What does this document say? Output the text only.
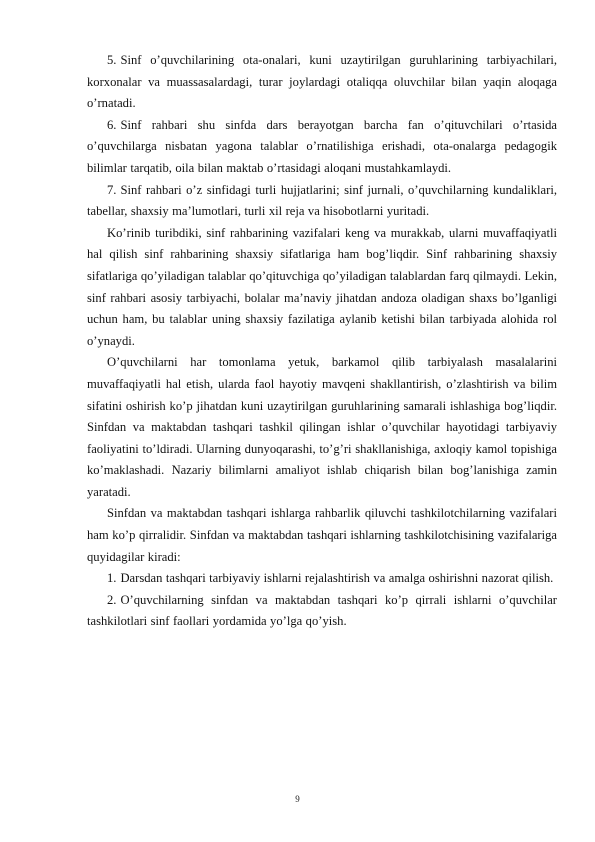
5. Sinf o’quvchilarining ota-onalari, kuni uzaytirilgan guruhlarining tarbiyachilari, korxonalar va muassasalardagi, turar joylardagi otaliqqa oluvchilar bilan yaqin aloqaga o’rnatadi.

6. Sinf rahbari shu sinfda dars berayotgan barcha fan o’qituvchilari o’rtasida o’quvchilarga nisbatan yagona talablar o’rnatilishiga erishadi, ota-onalarga pedagogik bilimlar tarqatib, oila bilan maktab o’rtasidagi aloqani mustahkamlaydi.

7. Sinf rahbari o’z sinfidagi turli hujjatlarini; sinf jurnali, o’quvchilarning kundaliklari, tabellar, shaxsiy ma’lumotlari, turli xil reja va hisobotlarni yuritadi.

Ko’rinib turibdiki, sinf rahbarining vazifalari keng va murakkab, ularni muvaffaqiyatli hal qilish sinf rahbarining shaxsiy sifatlariga ham bog’liqdir. Sinf rahbarining shaxsiy sifatlariga qo’yiladigan talablar qo’qituvchiga qo’yiladigan talablardan farq qilmaydi. Lekin, sinf rahbari asosiy tarbiyachi, bolalar ma’naviy jihatdan andoza oladigan shaxs bo’lganligi uchun ham, bu talablar uning shaxsiy fazilatiga aylanib ketishi bilan tarbiyada alohida rol o’ynaydi.

O’quvchilarni har tomonlama yetuk, barkamol qilib tarbiyalash masalalarini muvaffaqiyatli hal etish, ularda faol hayotiy mavqeni shakllantirish, o’zlashtirish va bilim sifatini oshirish ko’p jihatdan kuni uzaytirilgan guruhlarining samarali ishlashiga bog’liqdir. Sinfdan va maktabdan tashqari tashkil qilingan ishlar o’quvchilar hayotidagi tarbiyaviy faoliyatini to’ldiradi. Ularning dunyoqarashi, to’g’ri shakllanishiga, axloqiy kamol topishiga ko’maklashadi. Nazariy bilimlarni amaliyot ishlab chiqarish bilan bog’lanishiga zamin yaratadi.

Sinfdan va maktabdan tashqari ishlarga rahbarlik qiluvchi tashkilotchilarning vazifalari ham ko’p qirralidir. Sinfdan va maktabdan tashqari ishlarning tashkilotchisining vazifalariga quyidagilar kiradi:

1. Darsdan tashqari tarbiyaviy ishlarni rejalashtirish va amalga oshirishni nazorat qilish.

2. O’quvchilarning sinfdan va maktabdan tashqari ko’p qirrali ishlarni o’quvchilar tashkilotlari sinf faollari yordamida yo’lga qo’yish.

9
